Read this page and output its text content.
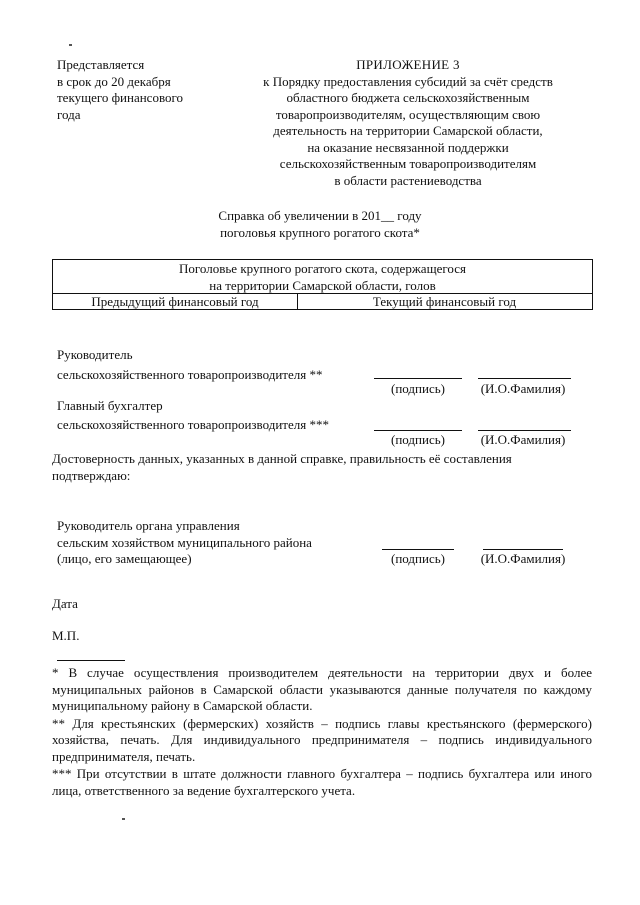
Представляется
в срок до 20 декабря
текущего финансового
года
ПРИЛОЖЕНИЕ 3
к Порядку предоставления субсидий за счёт средств
областного бюджета сельскохозяйственным
товаропроизводителям, осуществляющим свою
деятельность на территории Самарской области,
на оказание несвязанной поддержки
сельскохозяйственным товаропроизводителям
в области растениеводства
Справка об увеличении в 201__ году
поголовья крупного рогатого скота*
Поголовье крупного рогатого скота, содержащегося
на территории Самарской области, голов
Предыдущий финансовый год	Текущий финансовый год
Руководитель
сельскохозяйственного товаропроизводителя **
(подпись)	(И.О.Фамилия)
Главный бухгалтер
сельскохозяйственного товаропроизводителя ***
(подпись)	(И.О.Фамилия)
Достоверность данных, указанных в данной справке, правильность её составления
подтверждаю:
Руководитель органа управления
сельским хозяйством муниципального района
(лицо, его замещающее)	(подпись)	(И.О.Фамилия)
Дата
М.П.

* В случае осуществления производителем деятельности на территории двух и более муниципальных районов в Самарской области указываются данные получателя по каждому муниципальному району в Самарской области.

** Для крестьянских (фермерских) хозяйств – подпись главы крестьянского (фермерского) хозяйства, печать. Для индивидуального предпринимателя – подпись индивидуального предпринимателя, печать.

*** При отсутствии в штате должности главного бухгалтера – подпись бухгалтера или иного лица, ответственного за ведение бухгалтерского учета.
